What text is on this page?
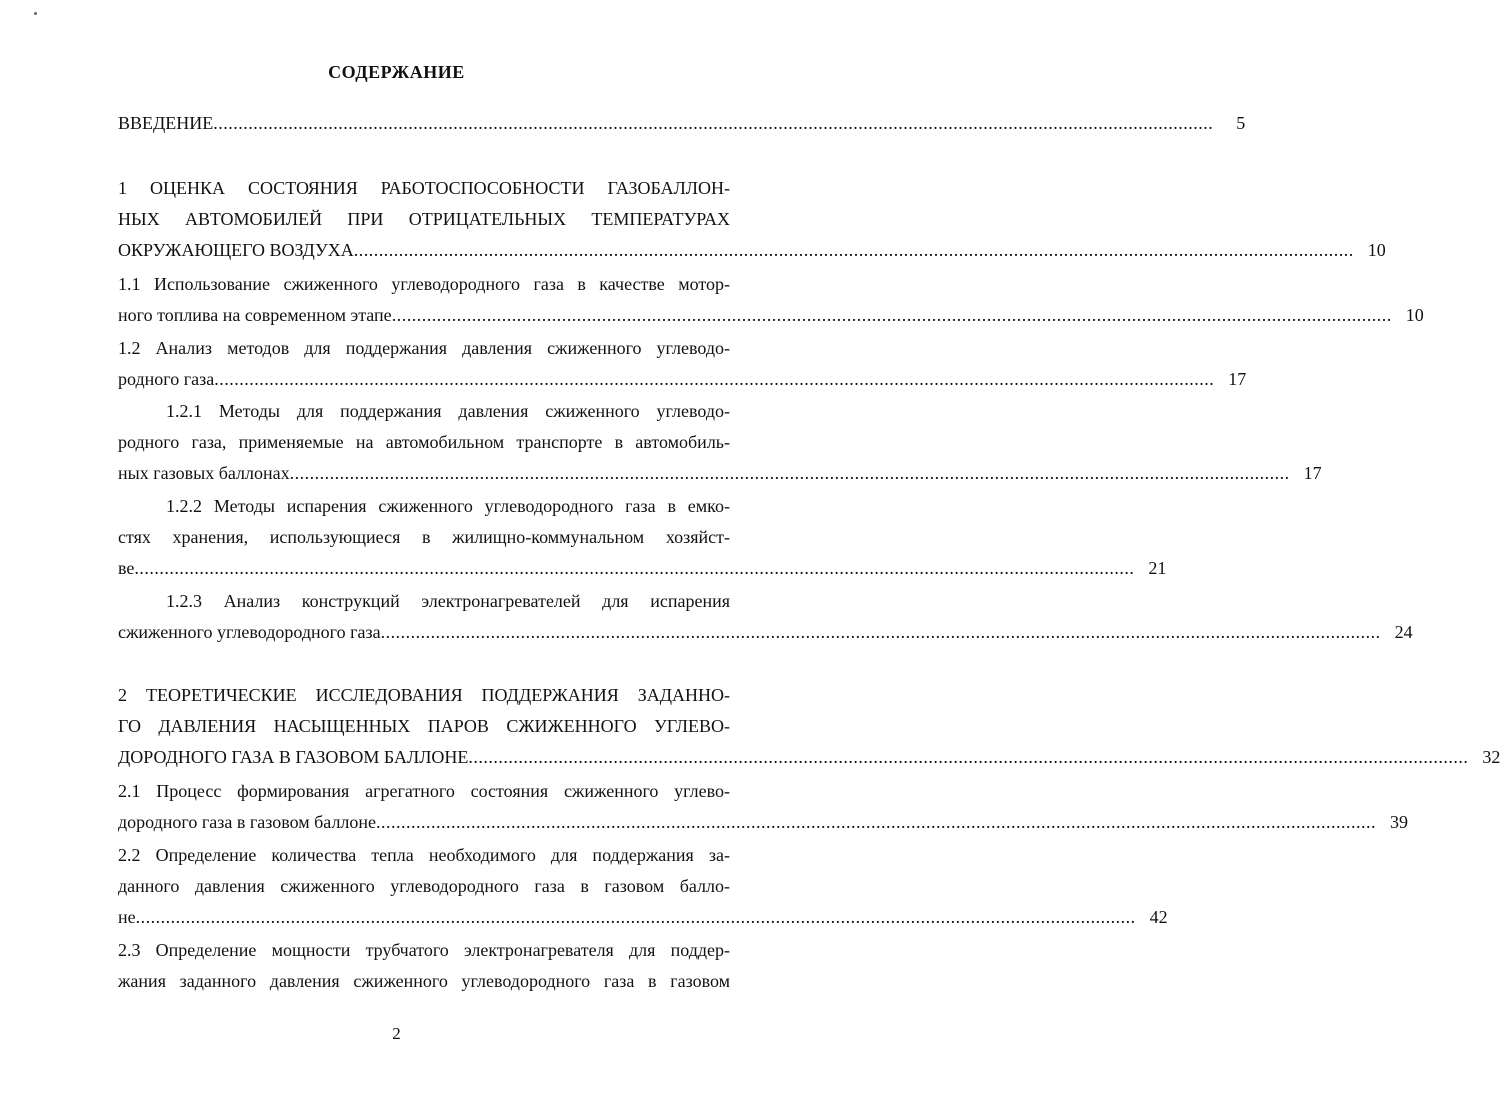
СОДЕРЖАНИЕ
ВВЕДЕНИЕ ........................................................................................................................................................................................................	5
1 ОЦЕНКА СОСТОЯНИЯ РАБОТОСПОСОБНОСТИ ГАЗОБАЛЛОН-
НЫХ АВТОМОБИЛЕЙ ПРИ ОТРИЦАТЕЛЬНЫХ ТЕМПЕРАТУРАХ
ОКРУЖАЮЩЕГО ВОЗДУХА ........................................................................................................................................................................................................ 10
1.1 Использование сжиженного углеводородного газа в качестве мотор-
ного топлива на современном этапе ........................................................................................................................................................................................................ 10
1.2 Анализ методов для поддержания давления сжиженного углеводо-
родного газа ........................................................................................................................................................................................................ 17
1.2.1 Методы для поддержания давления сжиженного углеводо-
родного газа, применяемые на автомобильном транспорте в автомобиль-
ных газовых баллонах ........................................................................................................................................................................................................ 17
1.2.2 Методы испарения сжиженного углеводородного газа в емко-
стях хранения, использующиеся в жилищно-коммунальном хозяйст-
ве ........................................................................................................................................................................................................ 21
1.2.3 Анализ конструкций электронагревателей для испарения
сжиженного углеводородного газа ........................................................................................................................................................................................................ 24
2 ТЕОРЕТИЧЕСКИЕ ИССЛЕДОВАНИЯ ПОДДЕРЖАНИЯ ЗАДАННО-
ГО ДАВЛЕНИЯ НАСЫЩЕННЫХ ПАРОВ СЖИЖЕННОГО УГЛЕВО-
ДОРОДНОГО ГАЗА В ГАЗОВОМ БАЛЛОНЕ ........................................................................................................................................................................................................ 32
2.1 Процесс формирования агрегатного состояния сжиженного углево-
дородного газа в газовом баллоне ........................................................................................................................................................................................................ 39
2.2 Определение количества тепла необходимого для поддержания за-
данного давления сжиженного углеводородного газа в газовом балло-
не ........................................................................................................................................................................................................ 42
2.3 Определение мощности трубчатого электронагревателя для поддер-
жания заданного давления сжиженного углеводородного газа в газовом
2
